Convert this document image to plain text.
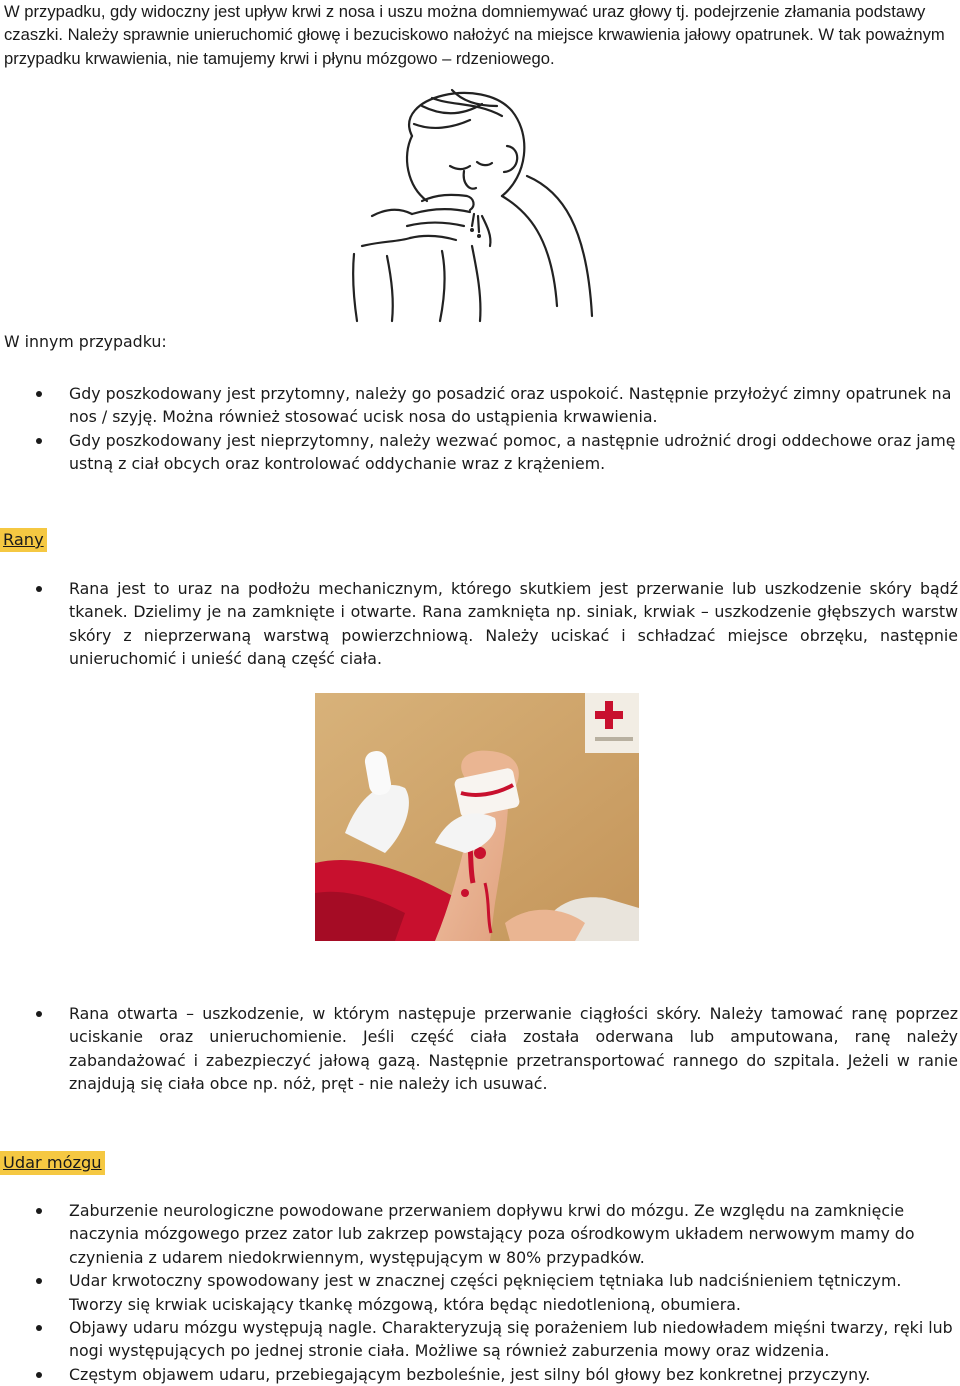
W przypadku, gdy widoczny jest upływ krwi z nosa i uszu można domniemywać uraz głowy tj. podejrzenie złamania podstawy czaszki. Należy sprawnie unieruchomić głowę i bezuciskowo nałożyć na miejsce krwawienia jałowy opatrunek. W tak poważnym przypadku krwawienia, nie tamujemy krwi i płynu mózgowo – rdzeniowego.

W innym przypadku:

Gdy poszkodowany jest przytomny, należy go posadzić oraz uspokoić. Następnie przyłożyć zimny opatrunek na nos / szyję. Można również stosować ucisk nosa do ustąpienia krwawienia.
Gdy poszkodowany jest nieprzytomny, należy wezwać pomoc, a następnie udrożnić drogi oddechowe oraz jamę ustną z ciał obcych oraz kontrolować oddychanie wraz z krążeniem.
Rany
Rana jest to uraz na podłożu mechanicznym, którego skutkiem jest przerwanie lub uszkodzenie skóry bądź tkanek. Dzielimy je na zamknięte i otwarte. Rana zamknięta np. siniak, krwiak – uszkodzenie głębszych warstw skóry z nieprzerwaną warstwą powierzchniową. Należy uciskać i schładzać miejsce obrzęku, następnie unieruchomić i unieść daną część ciała.
Rana otwarta – uszkodzenie, w którym następuje przerwanie ciągłości skóry. Należy tamować ranę poprzez uciskanie oraz unieruchomienie. Jeśli część ciała została oderwana lub amputowana, ranę należy zabandażować i zabezpieczyć jałową gazą. Następnie przetransportować rannego do szpitala. Jeżeli w ranie znajdują się ciała obce np. nóż, pręt - nie należy ich usuwać.
Udar mózgu
Zaburzenie neurologiczne powodowane przerwaniem dopływu krwi do mózgu. Ze względu na zamknięcie naczynia mózgowego przez zator lub zakrzep powstający poza ośrodkowym układem nerwowym mamy do czynienia z udarem niedokrwiennym, występującym w 80% przypadków.
Udar krwotoczny spowodowany jest w znacznej części pęknięciem tętniaka lub nadciśnieniem tętniczym. Tworzy się krwiak uciskający tkankę mózgową, która będąc niedotlenioną, obumiera.
Objawy udaru mózgu występują nagle. Charakteryzują się porażeniem lub niedowładem mięśni twarzy, ręki lub nogi występujących po jednej stronie ciała. Możliwe są również zaburzenia mowy oraz widzenia.
Częstym objawem udaru, przebiegającym bezboleśnie, jest silny ból głowy bez konkretnej przyczyny.
